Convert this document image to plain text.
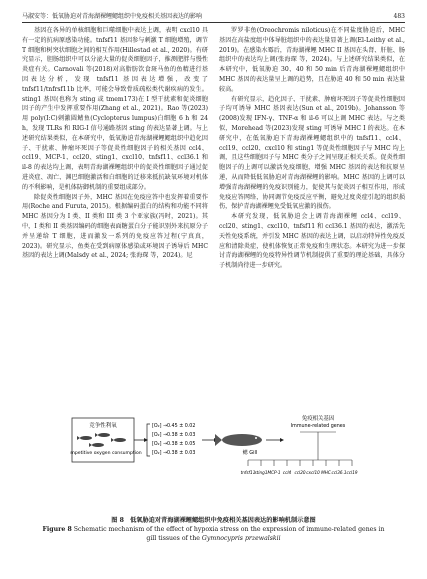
马淑安等：低氧胁迫对青海湖裸鲤鳃组织中免疫相关基因表达的影响	483

基因在各异的单核细胞和巨噬细胞中表达上调，表明 cxcl10 具有一定的抗病原感染功能。tnfsf11 基因参与刺激 T 细胞增殖，调节 T 细胞和树突状细胞之间的相互作用(Hillestad et al., 2020)。有研究显示，胆肠组织中可以分泌大量的促炎细胞因子，推测肥胖与慢性炎症有关。Carnovali 等(2018)对高脂肪饮食斑马鱼的鱼精进行基因表达分析，发现 tnfsf11 基因表达增强，改变了 tnfsf11/tnfrsf11b 比率，可能会导致骨质疏松类代谢疾病的发生。sting1 基因(也称为 sting 或 tmem173)在 I 型干扰素和促炎细胞因子的产生中发挥重要作用(Zhang et al., 2021)。Rao 等(2023)用 poly(I:C)刺激圆鳍鱼(Cyclopterus lumpus)白细胞 6 h 和 24 h，发现 TLRs 和 RIG-I 信号通路基因 sting 的表达显著上调。与上述研究结果类似，在本研究中，低氧胁迫青海湖裸鲤鳃组织中趋化因子、干扰素、肿瘤坏死因子等促炎性细胞因子的相关基因 ccl4、ccl19、MCP-1、ccl20、sting1、cxcl10、tnfsf11、ccl36.1 和 il-8 的表达均上调，表明青海湖裸鲤组织中的促炎性细胞因子通过促进炎症、凋亡、渊巴细胞激活和白细胞的迁移来抵抗缺氧环境对机体的不利影响，是机体防御机制的重要组成部分。

除促炎性细胞因子外，MHC 基因在免疫应答中也发挥着重要作用(Roche and Furuta, 2015)。根据编码蛋白的结构和功能不同将 MHC 基因分为 I 类、II 类和 III 类 3 个亚家族(冯时，2021)。其中，I 类和 II 类基因编码的细胞表面糖蛋白分子能识别外来抗原分子并呈递给 T 细胞，进而激发一系列的免疫应答过程(宁真真，2023)。研究显示，鱼类在受到病原体感染或环境因子诱导后 MHC 基因的表达上调(Malsdy et al., 2024; 张海琛 等，2024)。尼

罗罗非鱼(Oreochromis niloticus)在不同盐度胁迫后，MHC 基因在高盐度组中体导脏组织中的表达量显著上调(El-Leithy et al., 2019)。在感染水霉后，青海湖裸鲤 MHC II 基因在头肾、肝脏、肠组织中的表达均上调(张海琛 等，2024)。与上述研究结果类似，在本研究中，低氧胁迫 30、40 和 50 min 后青海湖裸鲤鳃组织中 MHC 基因的表达量呈上调的趋势，且在胁迫 40 和 50 min 表达量较高。

有研究显示，趋化因子、干扰素、肿瘤坏死因子等促炎性细胞因子均可诱导 MHC 基因表达(Sun et al., 2019b)。Johansson 等(2008)发现 IFN-γ、TNF-α 和 il-6 可以上调 MHC 表达。与之类似，Morehead 等(2023)发现 sting 可诱导 MHC I 的表达。在本研究中，在低氧胁迫下青海湖裸鲤鳃组织中的 tnfsf11、ccl4、ccl19、ccl20、cxcl10 和 sting1 等促炎性细胞因子与 MHC 均上调，且这些细胞因子与 MHC 类分子之间呈现正相关关系。促炎性细胞因子的上调可以激活免疫细胞，增强 MHC 基因的表达和抗原呈递，从而降低低氧胁迫对青海湖裸鲤的影响。MHC 基因的上调可以增强青海湖裸鲤的免疫识别能力，促使其与促炎因子相互作用，形成免疫应答网络，协同调节免疫反应平衡，避免过度炎症引起的组织损伤，保护青海湖裸鲤免受低氧应激的损伤。

本研究发现，低氧胁迫会上调青海湖裸鲤 ccl4、ccl19、ccl20、sting1、cxcl10、tnfsf11 和 ccl36.1 基因的表达，激活先天性免疫系统，并引发 MHC 基因的表达上调，以启动特异性免疫反应和清除炎症，使机体恢复正常免疫和生理状态。本研究为进一步探讨青海湖裸鲤的免疫特异性调节机制提供了重要的理论基础，具体分子机制尚待进一步研究。

竞争性利氧
Competitive oxygen consumption
[O₂] →0.45 ± 0.02
[O₂] →0.38 ± 0.03
[O₂] →0.38 ± 0.05
[O₂] →0.38 ± 0.03	鳃 Gill
免疫相关基因
Immune-related genes
tnfsf11 sting1 MCP-1 ccl4 ccl20 cxcl10 MHC ccl36.1 ccl19
图 8　低氧胁迫对青海湖裸鲤鳃组织中免疫相关基因表达的影响机制示意图
Figure 8 Schematic mechanism of the effect of hypoxia stress on the expression of immune-related genes in gill tissues of the Gymnocypris przewalskii
